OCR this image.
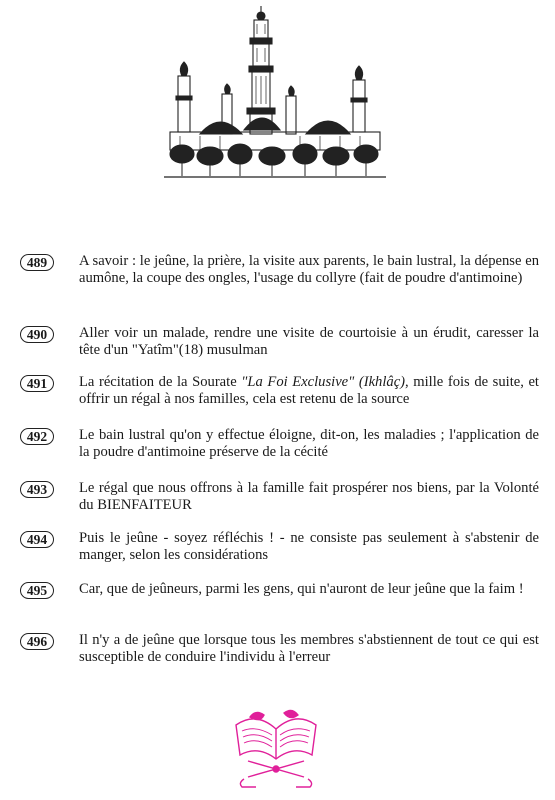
489	A savoir : le jeûne, la prière, la visite aux parents, le bain lustral, la dépense en aumône, la coupe des ongles, l'usage du collyre (fait de poudre d'antimoine)
490	Aller voir un malade, rendre une visite de courtoisie à un érudit, caresser la tête d'un "Yatîm"(18) musulman
491	La récitation de la Sourate "La Foi Exclusive" (Ikhlâç), mille fois de suite, et offrir un régal à nos familles, cela est retenu de la source
492	Le bain lustral qu'on y effectue éloigne, dit-on, les maladies ; l'application de la poudre d'antimoine préserve de la cécité
493	Le régal que nous offrons à la famille fait prospérer nos biens, par la Volonté du BIENFAITEUR
494	Puis le jeûne - soyez réfléchis ! - ne consiste pas seulement à s'abstenir de manger, selon les considérations
495	Car, que de jeûneurs, parmi les gens, qui n'auront de leur jeûne que la faim !
496	Il n'y a de jeûne que lorsque tous les membres s'abstiennent de tout ce qui est susceptible de conduire l'individu à l'erreur
